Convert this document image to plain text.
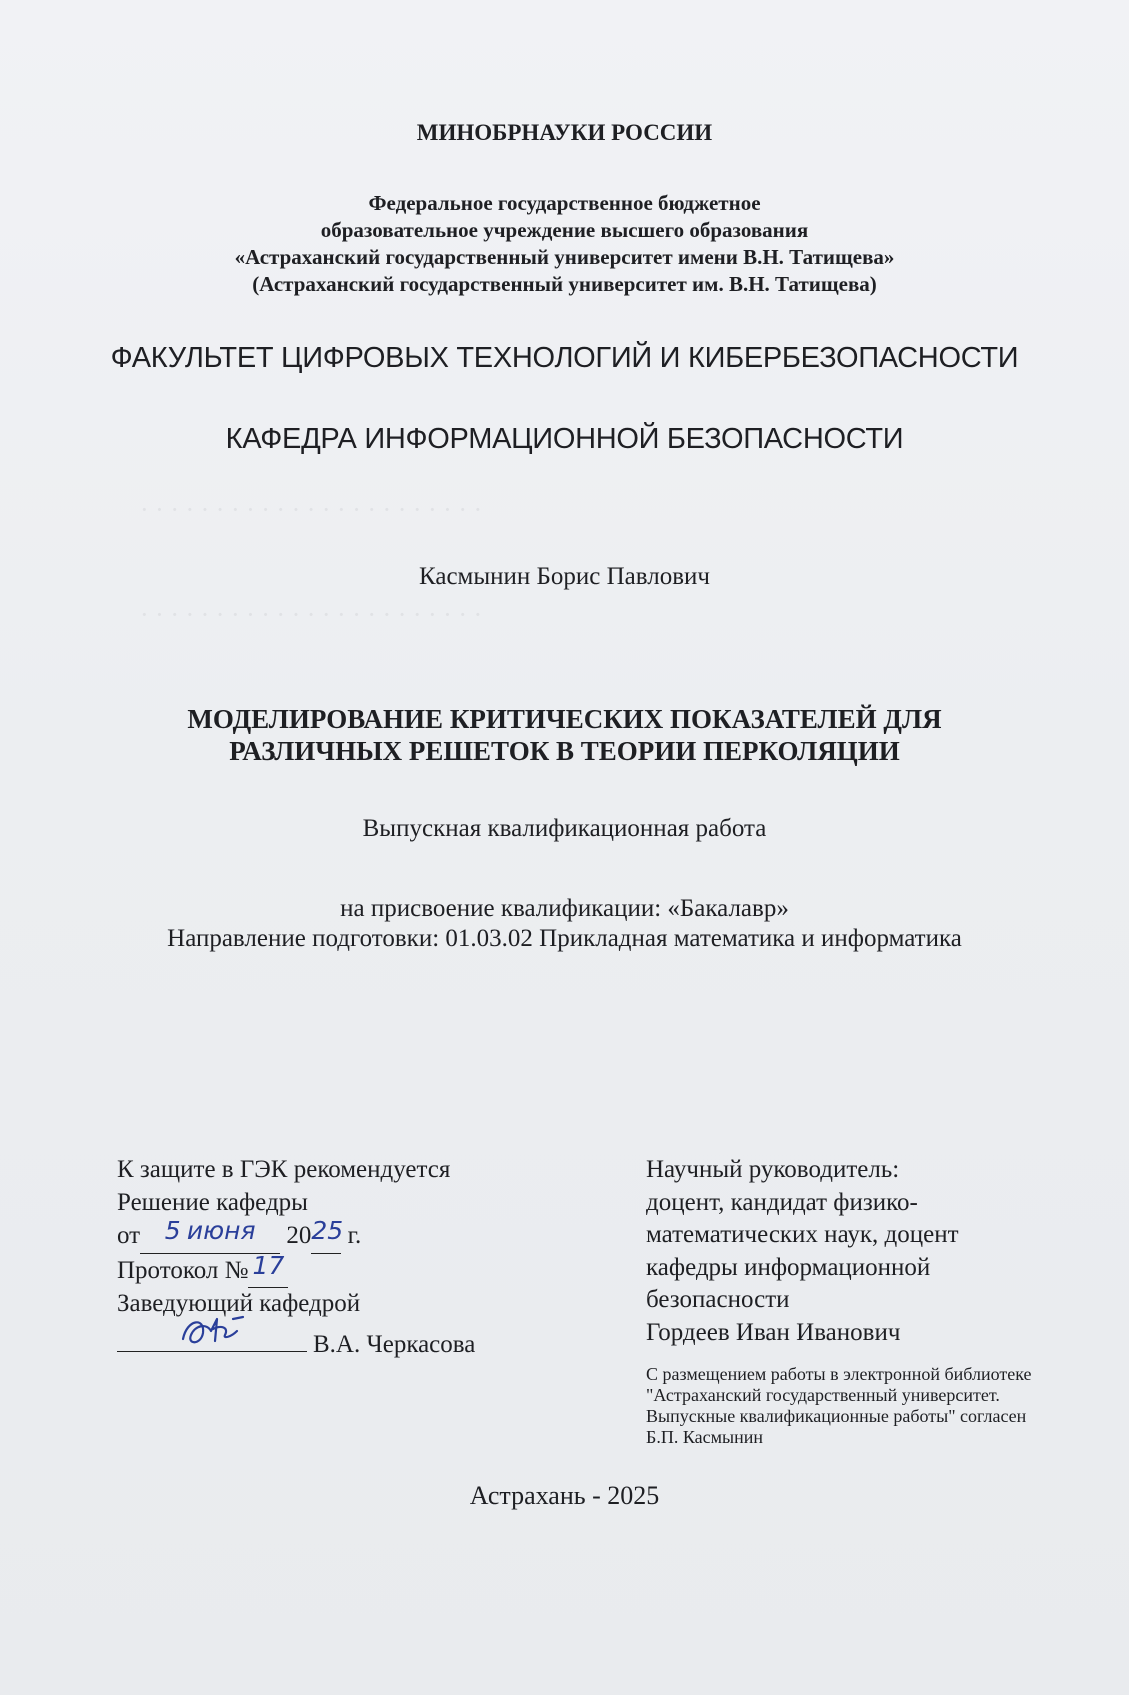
· · · · · · · · · · · · · · · · · · · · · · ·
· · · · · · · · · · · · · · · · · · · · · · ·
МИНОБРНАУКИ РОССИИ
Федеральное государственное бюджетное
образовательное учреждение высшего образования
«Астраханский государственный университет имени В.Н. Татищева»
(Астраханский государственный университет им. В.Н. Татищева)
ФАКУЛЬТЕТ ЦИФРОВЫХ ТЕХНОЛОГИЙ И КИБЕРБЕЗОПАСНОСТИ
КАФЕДРА ИНФОРМАЦИОННОЙ БЕЗОПАСНОСТИ
Касмынин Борис Павлович
МОДЕЛИРОВАНИЕ КРИТИЧЕСКИХ ПОКАЗАТЕЛЕЙ ДЛЯ
РАЗЛИЧНЫХ РЕШЕТОК В ТЕОРИИ ПЕРКОЛЯЦИИ
Выпускная квалификационная работа
на присвоение квалификации: «Бакалавр»
Направление подготовки: 01.03.02 Прикладная математика и информатика
К защите в ГЭК рекомендуется
Решение кафедры
от 5 июня 2025 г.
Протокол № 17
Заведующий кафедрой
В.А. Черкасова
Научный руководитель:
доцент, кандидат физико-
математических наук, доцент
кафедры информационной
безопасности
Гордеев Иван Иванович
С размещением работы в электронной библиотеке
"Астраханский государственный университет.
Выпускные квалификационные работы" согласен
Б.П. Касмынин
Астрахань - 2025
